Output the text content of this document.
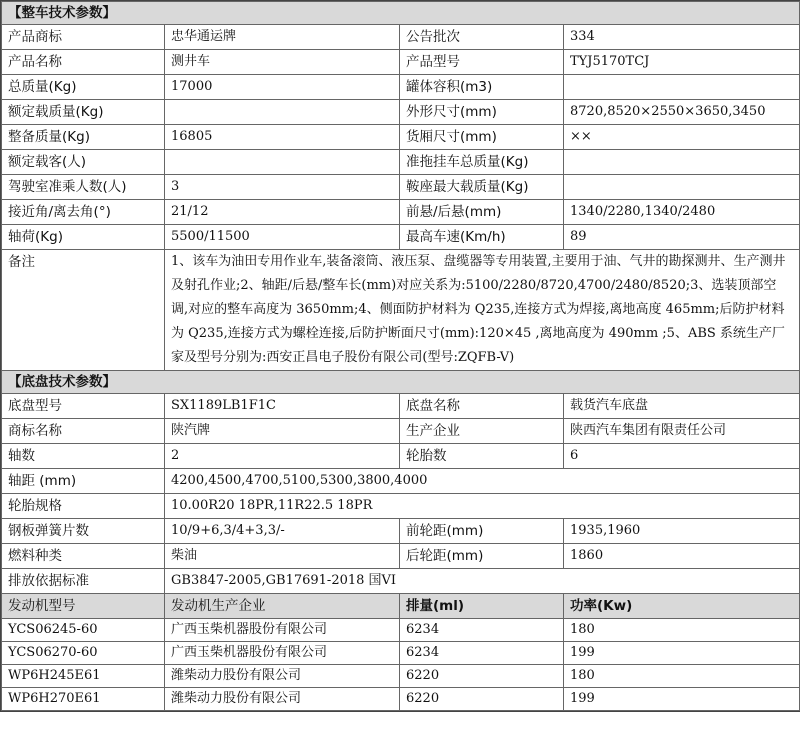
【整车技术参数】			
产品商标	忠华通运牌	公告批次	334
产品名称	测井车	产品型号	TYJ5170TCJ
总质量(Kg)	17000	罐体容积(m3)	
额定载质量(Kg)		外形尺寸(mm)	8720,8520×2550×3650,3450
整备质量(Kg)	16805	货厢尺寸(mm)	××
额定载客(人)		准拖挂车总质量(Kg)	
驾驶室准乘人数(人)	3	鞍座最大载质量(Kg)	
接近角/离去角(°)	21/12	前悬/后悬(mm)	1340/2280,1340/2480
轴荷(Kg)	5500/11500	最高车速(Km/h)	89
备注	1、该车为油田专用作业车,装备滚筒、液压泵、盘缆器等专用装置,主要用于油、气井的勘探测井、生产测井及射孔作业;2、轴距/后悬/整车长(mm)对应关系为:5100/2280/8720,4700/2480/8520;3、选装顶部空调,对应的整车高度为 3650mm;4、侧面防护材料为 Q235,连接方式为焊接,离地高度 465mm;后防护材料为 Q235,连接方式为螺栓连接,后防护断面尺寸(mm):120×45 ,离地高度为 490mm ;5、ABS 系统生产厂家及型号分别为:西安正昌电子股份有限公司(型号:ZQFB-V)		
【底盘技术参数】			
底盘型号	SX1189LB1F1C	底盘名称	载货汽车底盘
商标名称	陕汽牌	生产企业	陕西汽车集团有限责任公司
轴数	2	轮胎数	6
轴距 (mm)	4200,4500,4700,5100,5300,3800,4000		
轮胎规格	10.00R20 18PR,11R22.5 18PR		
钢板弹簧片数	10/9+6,3/4+3,3/-	前轮距(mm)	1935,1960
燃料种类	柴油	后轮距(mm)	1860
排放依据标准	GB3847-2005,GB17691-2018 国VI		
发动机型号	发动机生产企业	排量(ml)	功率(Kw)
YCS06245-60	广西玉柴机器股份有限公司	6234	180
YCS06270-60	广西玉柴机器股份有限公司	6234	199
WP6H245E61	潍柴动力股份有限公司	6220	180
WP6H270E61	潍柴动力股份有限公司	6220	199
